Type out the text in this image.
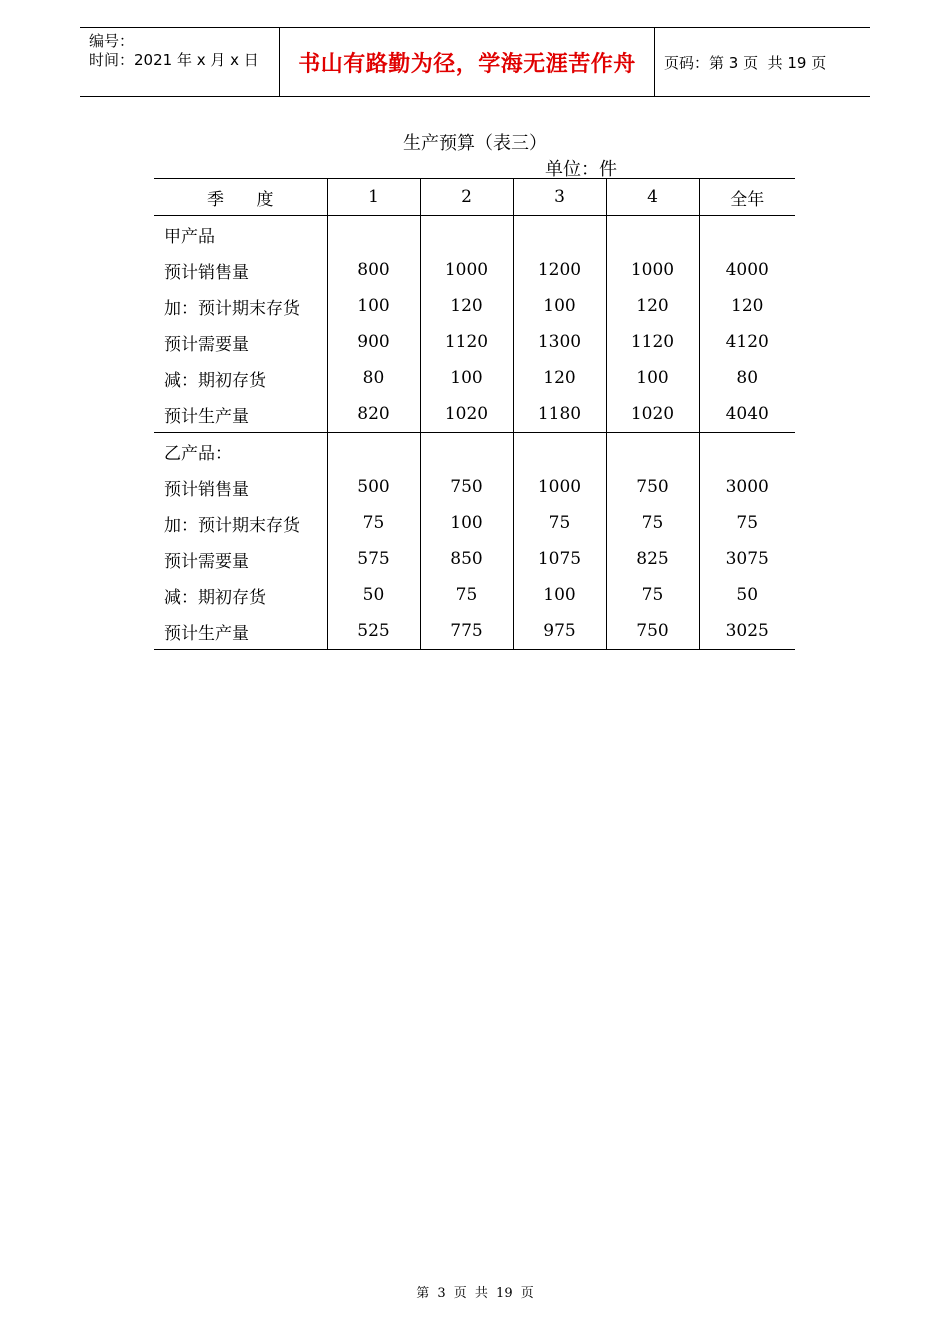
编号：
时间：2021 年 x 月 x 日	书山有路勤为径，学海无涯苦作舟	页码：第 3 页  共 19 页
生产预算（表三）
单位：件
季      度	1	2	3	4	全年
甲产品					
预计销售量	800	1000	1200	1000	4000
加：预计期末存货	100	120	100	120	120
预计需要量	900	1120	1300	1120	4120
减：期初存货	80	100	120	100	80
预计生产量	820	1020	1180	1020	4040
乙产品：					
预计销售量	500	750	1000	750	3000
加：预计期末存货	75	100	75	75	75
预计需要量	575	850	1075	825	3075
减：期初存货	50	75	100	75	50
预计生产量	525	775	975	750	3025
第 3 页 共 19 页
